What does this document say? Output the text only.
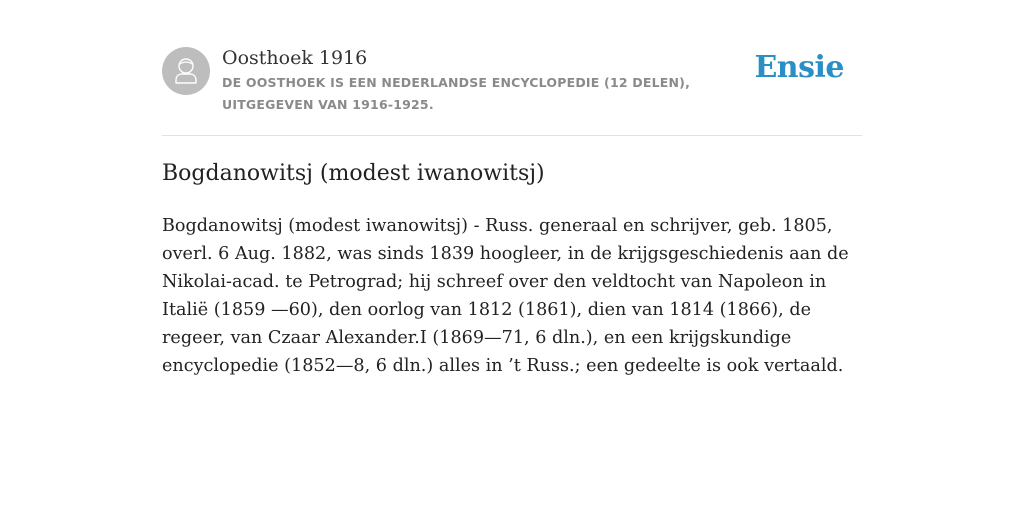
Oosthoek 1916

DE OOSTHOEK IS EEN NEDERLANDSE ENCYCLOPEDIE (12 DELEN), UITGEGEVEN VAN 1916-1925.

Ensie
Bogdanowitsj (modest iwanowitsj)

Bogdanowitsj (modest iwanowitsj) - Russ. generaal en schrijver, geb. 1805, overl. 6 Aug. 1882, was sinds 1839 hoogleer, in de krijgsgeschiedenis aan de Nikolai-acad. te Petrograd; hij schreef over den veldtocht van Napoleon in Italië (1859 —60), den oorlog van 1812 (1861), dien van 1814 (1866), de regeer, van Czaar Alexander.I (1869—71, 6 dln.), en een krijgskundige encyclopedie (1852—8, 6 dln.) alles in ’t Russ.; een gedeelte is ook vertaald.
